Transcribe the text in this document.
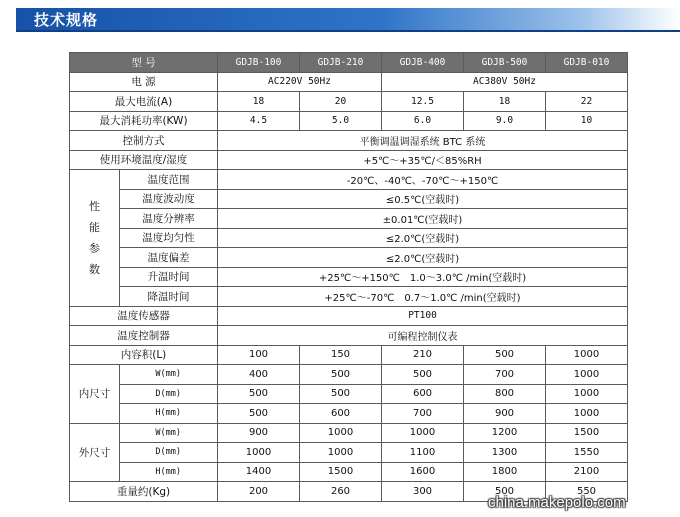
技术规格
型 号		GDJB-100	GDJB-210	GDJB-400	GDJB-500	GDJB-010
电 源		AC220V 50Hz		AC380V 50Hz		
最大电流(A)		18	20	12.5	18	22
最大消耗功率(KW)		4.5	5.0	6.0	9.0	10
控制方式		平衡调温调湿系统 BTC 系统				
使用环境温度/湿度		+5℃～+35℃/＜85%RH				
性能参数	温度范围	-20℃、-40℃、-70℃～+150℃				
	温度波动度	≤0.5℃(空载时)				
	温度分辨率	±0.01℃(空载时)				
	温度均匀性	≤2.0℃(空载时)				
	温度偏差	≤2.0℃(空载时)				
	升温时间	+25℃～+150℃　1.0～3.0℃ /min(空载时)				
	降温时间	+25℃～-70℃　0.7～1.0℃ /min(空载时)				
温度传感器		PT100				
温度控制器		可编程控制仪表				
内容积(L)		100	150	210	500	1000
内尺寸	W(mm)	400	500	500	700	1000
	D(mm)	500	500	600	800	1000
	H(mm)	500	600	700	900	1000
外尺寸	W(mm)	900	1000	1000	1200	1500
	D(mm)	1000	1000	1100	1300	1550
	H(mm)	1400	1500	1600	1800	2100
重量约(Kg)		200	260	300	500	550
china.makepolo.com
